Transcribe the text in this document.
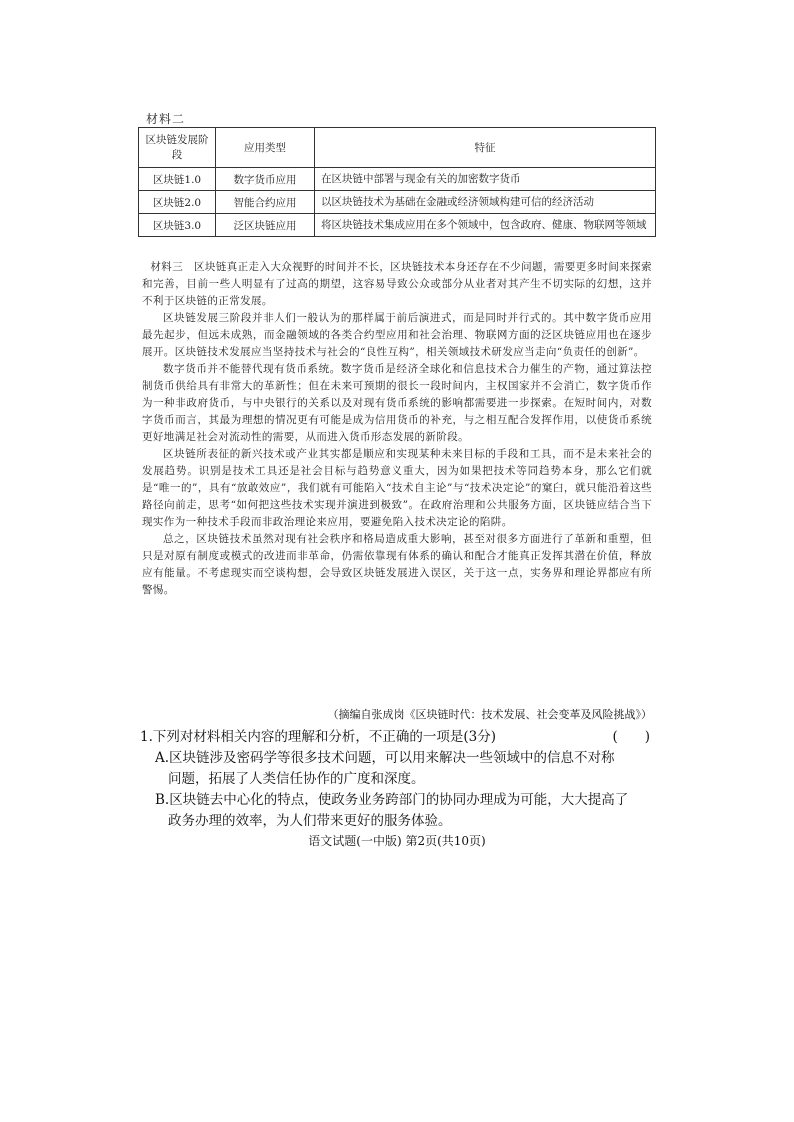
材料二
区块链发展阶段	应用类型	特征
区块链1.0	数字货币应用	在区块链中部署与现金有关的加密数字货币
区块链2.0	智能合约应用	以区块链技术为基础在金融或经济领域构建可信的经济活动
区块链3.0	泛区块链应用	将区块链技术集成应用在多个领域中，包含政府、健康、物联网等领域

材料三　 区块链真正走入大众视野的时间并不长，区块链技术本身还存在不少问题，需要更多时间来探索和完善，目前一些人明显有了过高的期望，这容易导致公众或部分从业者对其产生不切实际的幻想，这并不利于区块链的正常发展。

区块链发展三阶段并非人们一般认为的那样属于前后演进式，而是同时并行式的。其中数字货币应用最先起步，但远未成熟，而金融领域的各类合约型应用和社会治理、物联网方面的泛区块链应用也在逐步展开。区块链技术发展应当坚持技术与社会的“良性互构”，相关领域技术研发应当走向“负责任的创新”。

数字货币并不能替代现有货币系统。数字货币是经济全球化和信息技术合力催生的产物，通过算法控制货币供给具有非常大的革新性；但在未来可预期的很长一段时间内，主权国家并不会消亡，数字货币作为一种非政府货币，与中央银行的关系以及对现有货币系统的影响都需要进一步探索。在短时间内，对数字货币而言，其最为理想的情况更有可能是成为信用货币的补充，与之相互配合发挥作用，以使货币系统更好地满足社会对流动性的需要，从而进入货币形态发展的新阶段。

区块链所表征的新兴技术或产业其实都是顺应和实现某种未来目标的手段和工具，而不是未来社会的发展趋势。识别是技术工具还是社会目标与趋势意义重大，因为如果把技术等同趋势本身，那么它们就是“唯一的”，具有“放敢效应”，我们就有可能陷入“技术自主论”与“技术决定论”的窠臼，就只能沿着这些路径向前走，思考“如何把这些技术实现并演进到极致”。在政府治理和公共服务方面，区块链应结合当下现实作为一种技术手段而非政治理论来应用，要避免陷入技术决定论的陷阱。

总之，区块链技术虽然对现有社会秩序和格局造成重大影响，甚至对很多方面进行了革新和重塑，但只是对原有制度或模式的改进而非革命，仍需依靠现有体系的确认和配合才能真正发挥其潜在价值，释放应有能量。不考虑现实而空谈构想，会导致区块链发展进入误区，关于这一点，实务界和理论界都应有所警惕。

（摘编自张成岗《区块链时代：技术发展、社会变革及风险挑战》）
1.下列对材料相关内容的理解和分析，不正确的一项是(3分)	(　　)
A.区块链涉及密码学等很多技术问题，可以用来解决一些领域中的信息不对称
问题，拓展了人类信任协作的广度和深度。
B.区块链去中心化的特点，使政务业务跨部门的协同办理成为可能，大大提高了
政务办理的效率，为人们带来更好的服务体验。
语文试题(一中版) 第2页(共10页)
